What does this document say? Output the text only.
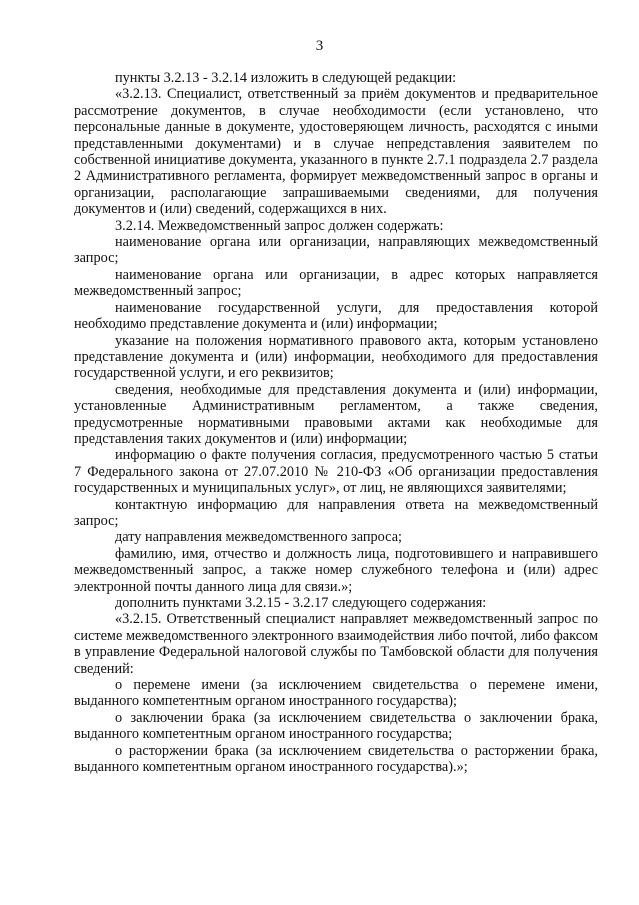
3

пункты 3.2.13 - 3.2.14 изложить в следующей редакции:

«3.2.13. Специалист, ответственный за приём документов и предварительное рассмотрение документов, в случае необходимости (если установлено, что персональные данные в документе, удостоверяющем личность, расходятся с иными представленными документами) и в случае непредставления заявителем по собственной инициативе документа, указанного в пункте 2.7.1 подраздела 2.7 раздела 2 Административного регламента, формирует межведомственный запрос в органы и организации, располагающие запрашиваемыми сведениями, для получения документов и (или) сведений, содержащихся в них.

3.2.14. Межведомственный запрос должен содержать:

наименование органа или организации, направляющих межведомственный запрос;

наименование органа или организации, в адрес которых направляется межведомственный запрос;

наименование государственной услуги, для предоставления которой необходимо представление документа и (или) информации;

указание на положения нормативного правового акта, которым установлено представление документа и (или) информации, необходимого для предоставления государственной услуги, и его реквизитов;

сведения, необходимые для представления документа и (или) информации, установленные Административным регламентом, а также сведения, предусмотренные нормативными правовыми актами как необходимые для представления таких документов и (или) информации;

информацию о факте получения согласия, предусмотренного частью 5 статьи 7 Федерального закона от 27.07.2010 № 210-ФЗ «Об организации предоставления государственных и муниципальных услуг», от лиц, не являющихся заявителями;

контактную информацию для направления ответа на межведомственный запрос;

дату направления межведомственного запроса;

фамилию, имя, отчество и должность лица, подготовившего и направившего межведомственный запрос, а также номер служебного телефона и (или) адрес электронной почты данного лица для связи.»;

дополнить пунктами 3.2.15 - 3.2.17 следующего содержания:

«3.2.15. Ответственный специалист направляет межведомственный запрос по системе межведомственного электронного взаимодействия либо почтой, либо факсом в управление Федеральной налоговой службы по Тамбовской области для получения сведений:

о перемене имени (за исключением свидетельства о перемене имени, выданного компетентным органом иностранного государства);

о заключении брака (за исключением свидетельства о заключении брака, выданного компетентным органом иностранного государства;

о расторжении брака (за исключением свидетельства о расторжении брака, выданного компетентным органом иностранного государства).»;
